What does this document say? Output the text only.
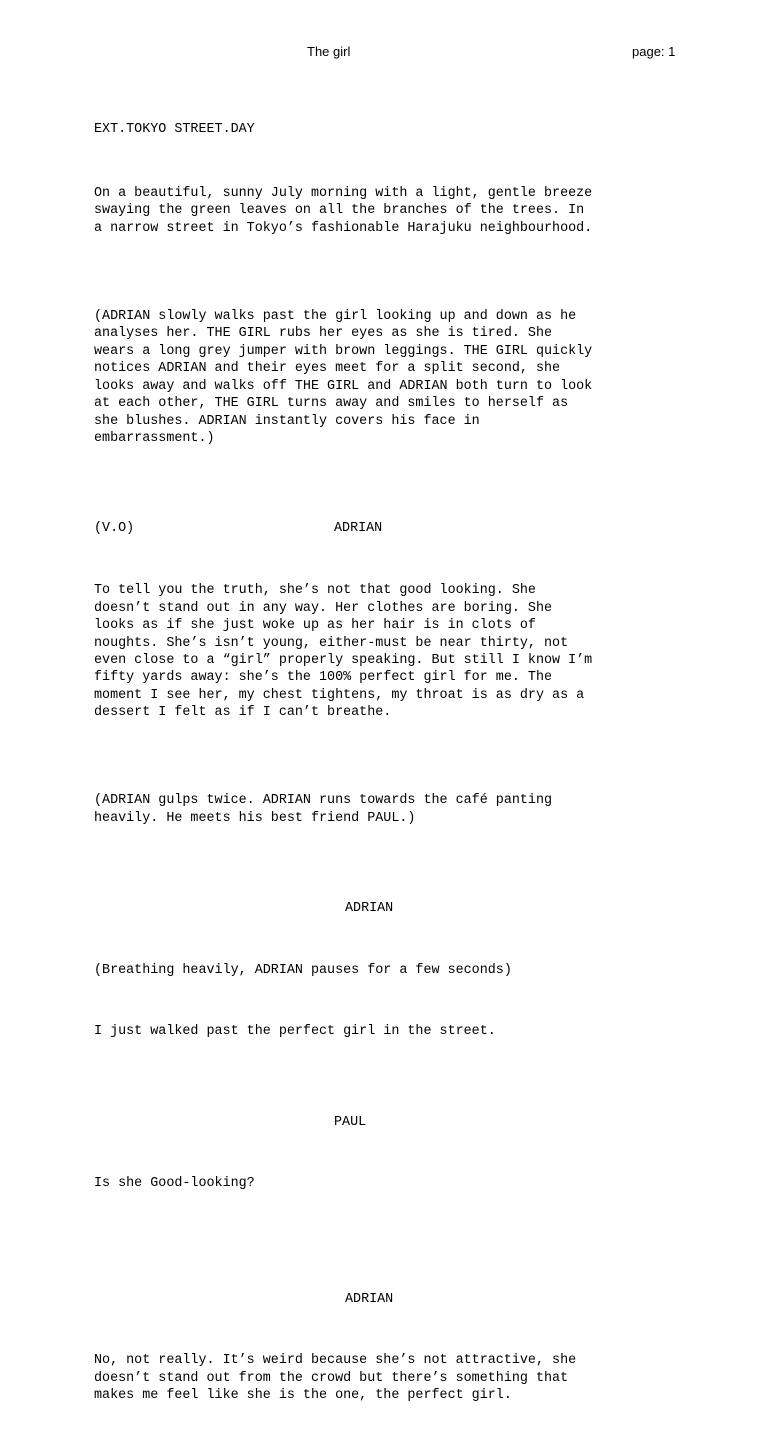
The girl	page: 1

EXT.TOKYO STREET.DAY

On a beautiful, sunny July morning with a light, gentle breeze
swaying the green leaves on all the branches of the trees. In
a narrow street in Tokyo’s fashionable Harajuku neighbourhood.

(ADRIAN slowly walks past the girl looking up and down as he
analyses her. THE GIRL rubs her eyes as she is tired. She
wears a long grey jumper with brown leggings. THE GIRL quickly
notices ADRIAN and their eyes meet for a split second, she
looks away and walks off THE GIRL and ADRIAN both turn to look
at each other, THE GIRL turns away and smiles to herself as
she blushes. ADRIAN instantly covers his face in
embarrassment.)

(V.O)	ADRIAN

To tell you the truth, she’s not that good looking. She
doesn’t stand out in any way. Her clothes are boring. She
looks as if she just woke up as her hair is in clots of
noughts. She’s isn’t young, either-must be near thirty, not
even close to a “girl” properly speaking. But still I know I’m
fifty yards away: she’s the 100% perfect girl for me. The
moment I see her, my chest tightens, my throat is as dry as a
dessert I felt as if I can’t breathe.

(ADRIAN gulps twice. ADRIAN runs towards the café panting
heavily. He meets his best friend PAUL.)

ADRIAN

(Breathing heavily, ADRIAN pauses for a few seconds)

I just walked past the perfect girl in the street.

PAUL

Is she Good-looking?

ADRIAN

No, not really. It’s weird because she’s not attractive, she
doesn’t stand out from the crowd but there’s something that
makes me feel like she is the one, the perfect girl.
